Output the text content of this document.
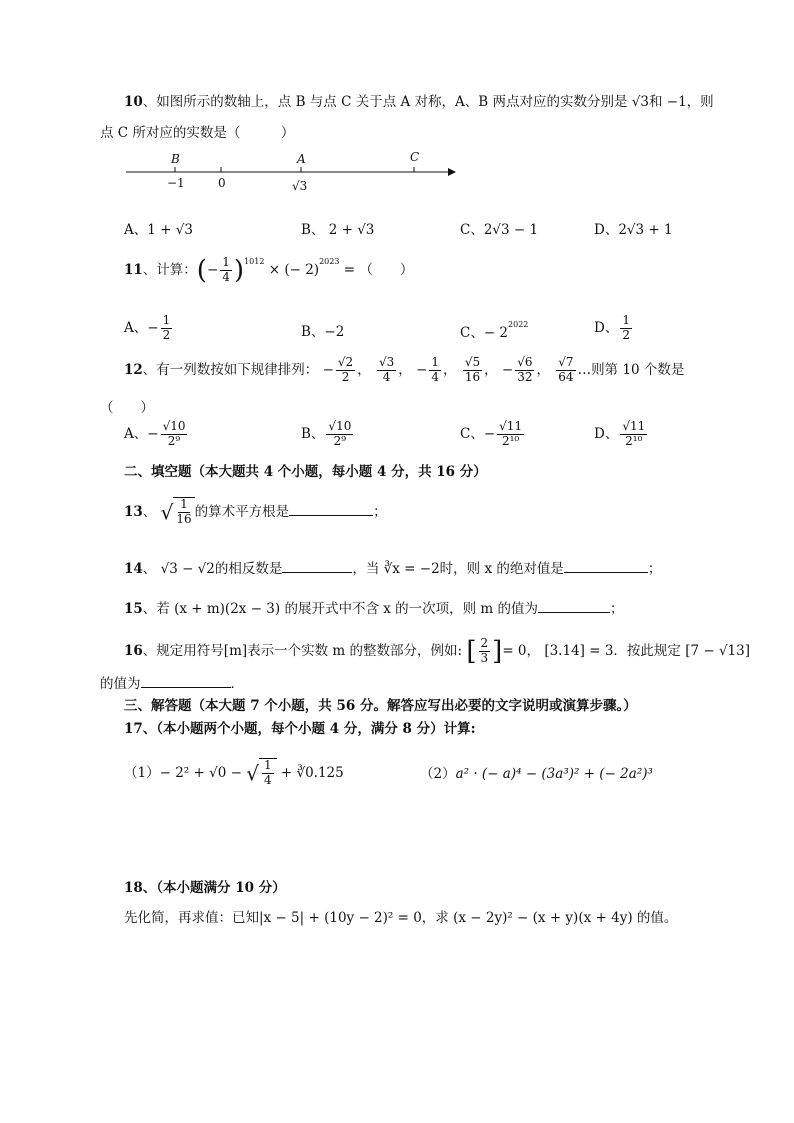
10、如图所示的数轴上，点 B 与点 C 关于点 A 对称，A、B 两点对应的实数分别是 √3和 −1，则
点 C 所对应的实数是（　　　）
B	A	C
−1	0	√3
A、1 + √3	B、 2 + √3	C、2√3 − 1	D、2√3 + 1
11、计算：(− $\frac{1}{4} )^{1012}$ × (− 2)$^{2023}$ = （　　）
A、− $\frac{1}{2}$	B、−2	C、− $2^{2022}$	D、 $\frac{1}{2}$
12、有一列数按如下规律排列： − $\frac{√2}{2}$ ， $\frac{√3}{4}$ ， − $\frac{1}{4}$ ， $\frac{√5}{16}$ ， − $\frac{√6}{32}$ ， $\frac{√7}{64}$ …则第 10 个数是
（　　）
A、− $\frac{√10}{\text{2⁹}}$	B、 $\frac{√10}{\text{2⁹}}$	C、− $\frac{√11}{\text{2¹⁰}}$	D、 $\frac{√11}{\text{2¹⁰}}$
二、填空题（本大题共 4 个小题，每小题 4 分，共 16 分）
13、 √ $\frac{1}{16}$ 的算术平方根是	；
14、 √3 − √2的相反数是	，当 ∛x = −2时，则 x 的绝对值是	；
15、若 (x + m)(2x − 3) 的展开式中不含 x 的一次项，则 m 的值为	；
16、规定用符号[m]表示一个实数 m 的整数部分，例如: [ $\frac{2}{3}$ ]= 0， [3.14] = 3．按此规定 [7 − √13]
的值为	．
三、解答题（本大题 7 个小题，共 56 分。解答应写出必要的文字说明或演算步骤。）
17、（本小题两个小题，每个小题 4 分，满分 8 分）计算:
（1）− 2² + √0 − √ $\frac{1}{4}$ + ∛0.125	（2）a² · (− a)⁴ − (3a³)² + (− 2a²)³
18、（本小题满分 10 分）
先化简，再求值：已知|x − 5| + (10y − 2)² = 0，求 (x − 2y)² − (x + y)(x + 4y) 的值。
